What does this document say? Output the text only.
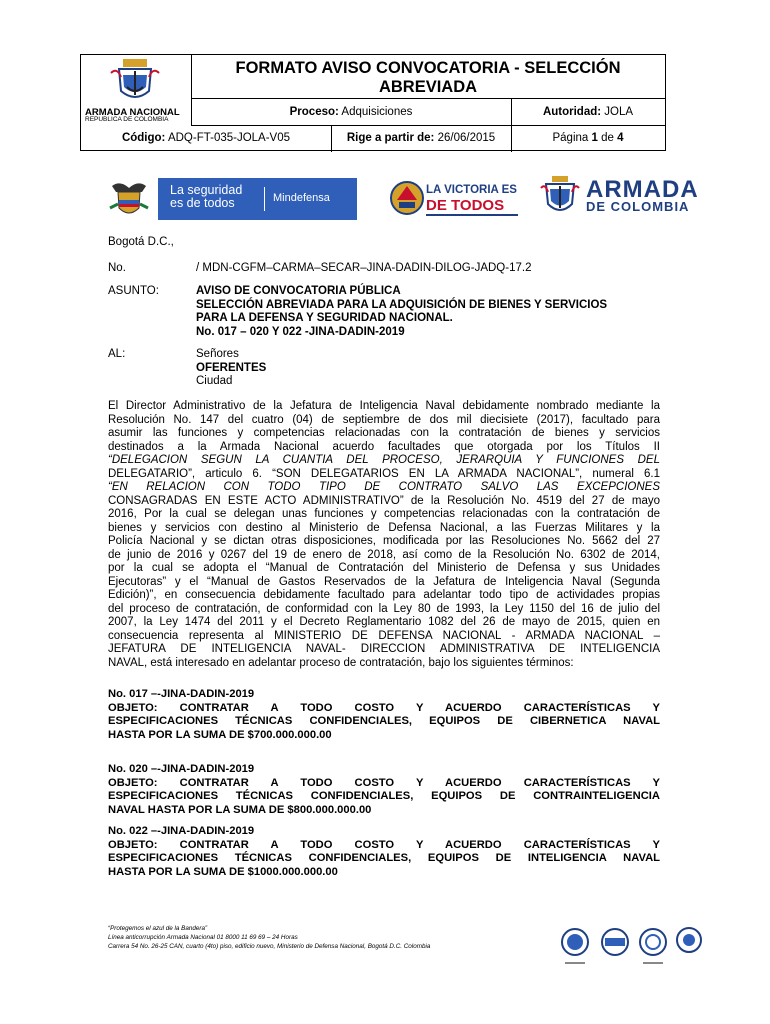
ARMADA NACIONAL
REPUBLICA DE COLOMBIA
FORMATO AVISO CONVOCATORIA - SELECCIÓN
ABREVIADA
Proceso: Adquisiciones	Autoridad: JOLA
Código: ADQ-FT-035-JOLA-V05	Rige a partir de: 26/06/2015	Página 1 de 4
La seguridad
es de todos	Mindefensa
LA VICTORIA ES
DE TODOS
ARMADA
DE COLOMBIA
Bogotá D.C.,
No.	/ MDN-CGFM–CARMA–SECAR–JINA-DADIN-DILOG-JADQ-17.2
ASUNTO:	AVISO DE CONVOCATORIA PÚBLICA
SELECCIÓN ABREVIADA PARA LA ADQUISICIÓN DE BIENES Y SERVICIOS
PARA LA DEFENSA Y SEGURIDAD NACIONAL.
No. 017 – 020 Y 022 -JINA-DADIN-2019
AL:	Señores
OFERENTES
Ciudad
El Director Administrativo de la Jefatura de Inteligencia Naval debidamente nombrado mediante la
Resolución No. 147 del cuatro (04) de septiembre de dos mil diecisiete (2017), facultado para
asumir las funciones y competencias relacionadas con la contratación de bienes y servicios
destinados a la Armada Nacional acuerdo facultades que otorgada por los Títulos II
“DELEGACION SEGÚN LA CUANTÍA DEL PROCESO, JERARQUÍA Y FUNCIONES DEL
DELEGATARIO”, articulo 6. “SON DELEGATARIOS EN LA ARMADA NACIONAL”, numeral 6.1
“EN RELACIÓN CON TODO TIPO DE CONTRATO SALVO LAS EXCEPCIONES
CONSAGRADAS EN ESTE ACTO ADMINISTRATIVO” de la Resolución No. 4519 del 27 de mayo
2016, Por la cual se delegan unas funciones y competencias relacionadas con la contratación de
bienes y servicios con destino al Ministerio de Defensa Nacional, a las Fuerzas Militares y la
Policía Nacional y se dictan otras disposiciones, modificada por las Resoluciones No. 5662 del 27
de junio de 2016 y 0267 del 19 de enero de 2018, así como de la Resolución No. 6302 de 2014,
por la cual se adopta el “Manual de Contratación del Ministerio de Defensa y sus Unidades
Ejecutoras” y el “Manual de Gastos Reservados de la Jefatura de Inteligencia Naval (Segunda
Edición)”, en consecuencia debidamente facultado para adelantar todo tipo de actividades propias
del proceso de contratación, de conformidad con la Ley 80 de 1993, la Ley 1150 del 16 de julio del
2007, la Ley 1474 del 2011 y el Decreto Reglamentario 1082 del 26 de mayo de 2015, quien en
consecuencia representa al MINISTERIO DE DEFENSA NACIONAL - ARMADA NACIONAL –
JEFATURA DE INTELIGENCIA NAVAL- DIRECCION ADMINISTRATIVA DE INTELIGENCIA
NAVAL, está interesado en adelantar proceso de contratación, bajo los siguientes términos:
No. 017 –-JINA-DADIN-2019
OBJETO: CONTRATAR A TODO COSTO Y ACUERDO CARACTERÍSTICAS Y
ESPECIFICACIONES TÉCNICAS CONFIDENCIALES, EQUIPOS DE CIBERNETICA NAVAL
HASTA POR LA SUMA DE $700.000.000.00
No. 020 –-JINA-DADIN-2019
OBJETO: CONTRATAR A TODO COSTO Y ACUERDO CARACTERÍSTICAS Y
ESPECIFICACIONES TÉCNICAS CONFIDENCIALES, EQUIPOS DE CONTRAINTELIGENCIA
NAVAL HASTA POR LA SUMA DE $800.000.000.00
No. 022 –-JINA-DADIN-2019
OBJETO: CONTRATAR A TODO COSTO Y ACUERDO CARACTERÍSTICAS Y
ESPECIFICACIONES TÉCNICAS CONFIDENCIALES, EQUIPOS DE INTELIGENCIA NAVAL
HASTA POR LA SUMA DE $1000.000.000.00
“Protegemos el azul de la Bandera”
Línea anticorrupción Armada Nacional 01 8000 11 69 69 – 24 Horas
Carrera 54 No. 26-25 CAN, cuarto (4to) piso, edificio nuevo, Ministerio de Defensa Nacional, Bogotá D.C. Colombia
